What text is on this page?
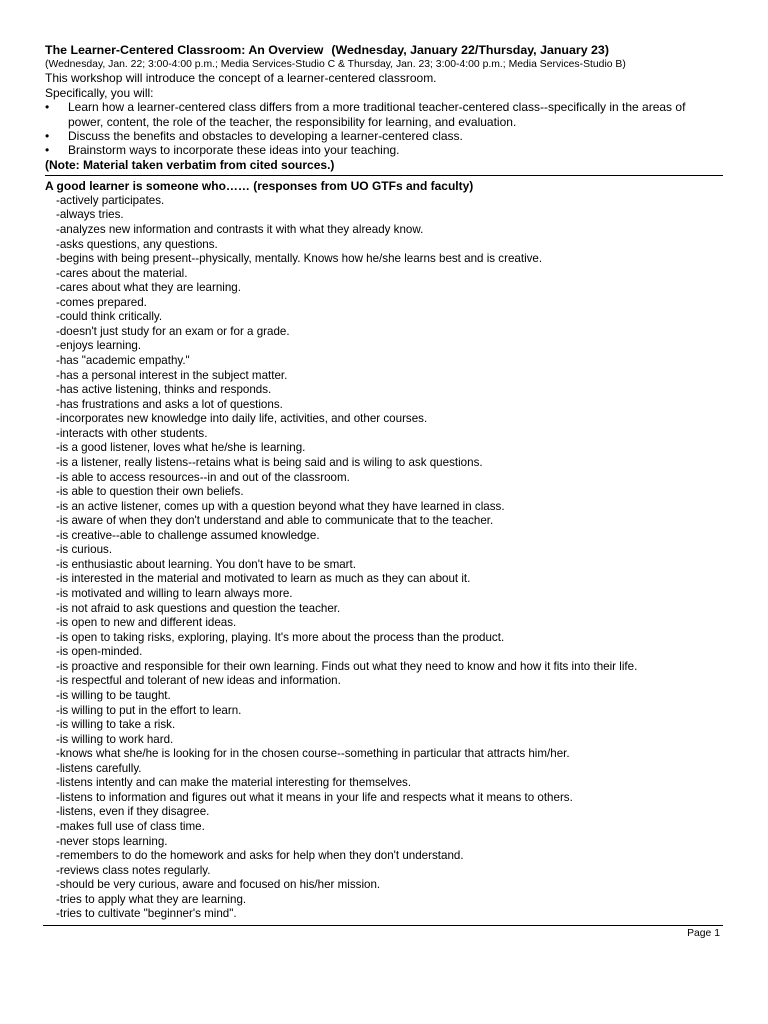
The Learner-Centered Classroom: An Overview (Wednesday, January 22/Thursday, January 23)
(Wednesday, Jan. 22; 3:00-4:00 p.m.; Media Services-Studio C & Thursday, Jan. 23; 3:00-4:00 p.m.; Media Services-Studio B)
This workshop will introduce the concept of a learner-centered classroom.
Specifically, you will:
• Learn how a learner-centered class differs from a more traditional teacher-centered class--specifically in the areas of power, content, the role of the teacher, the responsibility for learning, and evaluation.
• Discuss the benefits and obstacles to developing a learner-centered class.
• Brainstorm ways to incorporate these ideas into your teaching.
(Note: Material taken verbatim from cited sources.)
A good learner is someone who…… (responses from UO GTFs and faculty)
-actively participates.
-always tries.
-analyzes new information and contrasts it with what they already know.
-asks questions, any questions.
-begins with being present--physically, mentally. Knows how he/she learns best and is creative.
-cares about the material.
-cares about what they are learning.
-comes prepared.
-could think critically.
-doesn't just study for an exam or for a grade.
-enjoys learning.
-has "academic empathy."
-has a personal interest in the subject matter.
-has active listening, thinks and responds.
-has frustrations and asks a lot of questions.
-incorporates new knowledge into daily life, activities, and other courses.
-interacts with other students.
-is a good listener, loves what he/she is learning.
-is a listener, really listens--retains what is being said and is wiling to ask questions.
-is able to access resources--in and out of the classroom.
-is able to question their own beliefs.
-is an active listener, comes up with a question beyond what they have learned in class.
-is aware of when they don't understand and able to communicate that to the teacher.
-is creative--able to challenge assumed knowledge.
-is curious.
-is enthusiastic about learning. You don't have to be smart.
-is interested in the material and motivated to learn as much as they can about it.
-is motivated and willing to learn always more.
-is not afraid to ask questions and question the teacher.
-is open to new and different ideas.
-is open to taking risks, exploring, playing. It's more about the process than the product.
-is open-minded.
-is proactive and responsible for their own learning. Finds out what they need to know and how it fits into their life.
-is respectful and tolerant of new ideas and information.
-is willing to be taught.
-is willing to put in the effort to learn.
-is willing to take a risk.
-is willing to work hard.
-knows what she/he is looking for in the chosen course--something in particular that attracts him/her.
-listens carefully.
-listens intently and can make the material interesting for themselves.
-listens to information and figures out what it means in your life and respects what it means to others.
-listens, even if they disagree.
-makes full use of class time.
-never stops learning.
-remembers to do the homework and asks for help when they don't understand.
-reviews class notes regularly.
-should be very curious, aware and focused on his/her mission.
-tries to apply what they are learning.
-tries to cultivate "beginner's mind".
Page 1
